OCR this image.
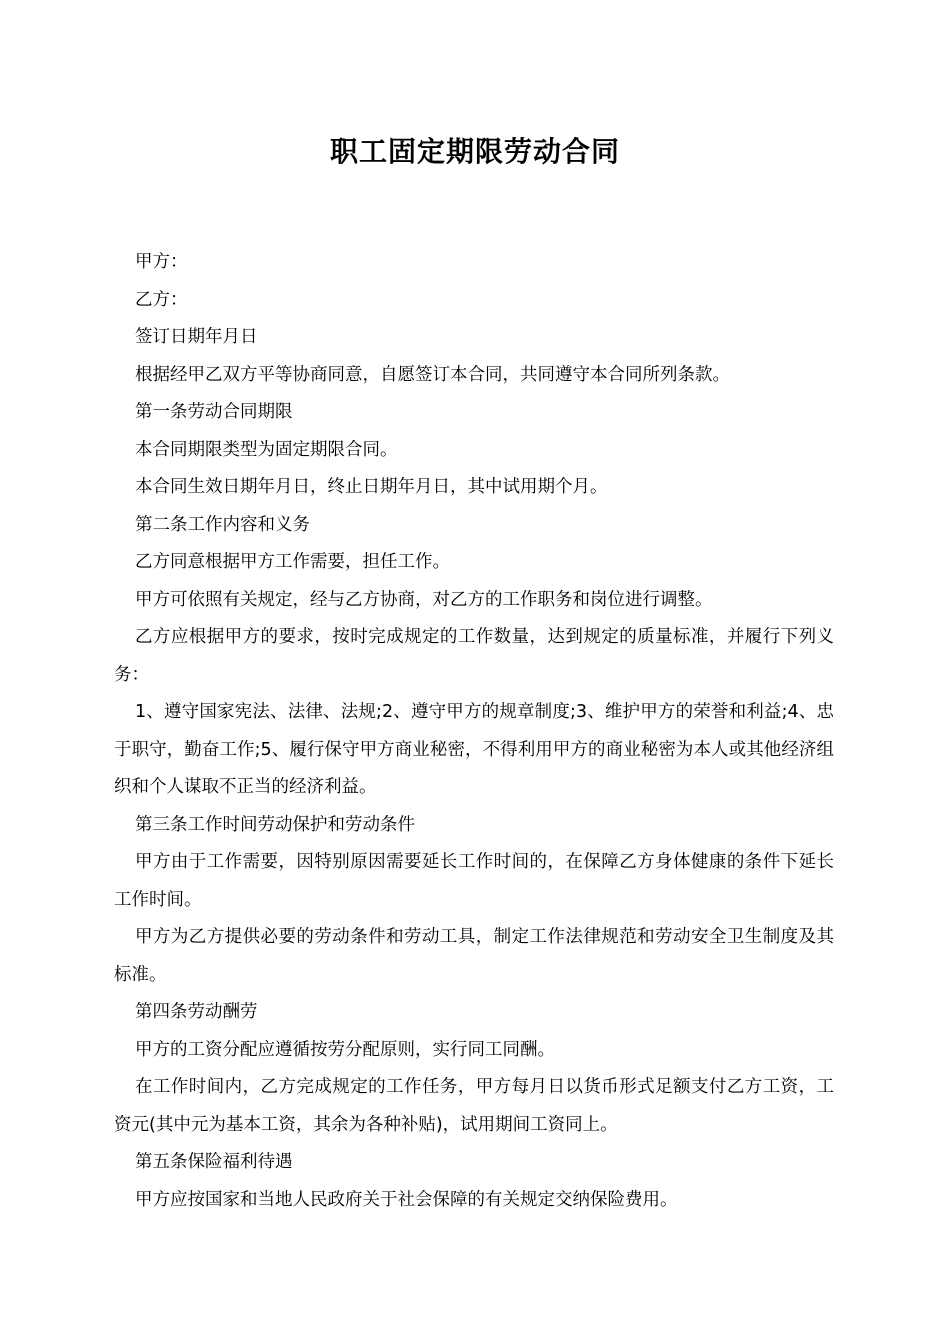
职工固定期限劳动合同

甲方：

乙方：

签订日期年月日

根据经甲乙双方平等协商同意，自愿签订本合同，共同遵守本合同所列条款。

第一条劳动合同期限

本合同期限类型为固定期限合同。

本合同生效日期年月日，终止日期年月日，其中试用期个月。

第二条工作内容和义务

乙方同意根据甲方工作需要，担任工作。

甲方可依照有关规定，经与乙方协商，对乙方的工作职务和岗位进行调整。

乙方应根据甲方的要求，按时完成规定的工作数量，达到规定的质量标准，并履行下列义务：

1、遵守国家宪法、法律、法规;2、遵守甲方的规章制度;3、维护甲方的荣誉和利益;4、忠于职守，勤奋工作;5、履行保守甲方商业秘密，不得利用甲方的商业秘密为本人或其他经济组织和个人谋取不正当的经济利益。

第三条工作时间劳动保护和劳动条件

甲方由于工作需要，因特别原因需要延长工作时间的，在保障乙方身体健康的条件下延长工作时间。

甲方为乙方提供必要的劳动条件和劳动工具，制定工作法律规范和劳动安全卫生制度及其标准。

第四条劳动酬劳

甲方的工资分配应遵循按劳分配原则，实行同工同酬。

在工作时间内，乙方完成规定的工作任务，甲方每月日以货币形式足额支付乙方工资，工资元(其中元为基本工资，其余为各种补贴)，试用期间工资同上。

第五条保险福利待遇

甲方应按国家和当地人民政府关于社会保障的有关规定交纳保险费用。
